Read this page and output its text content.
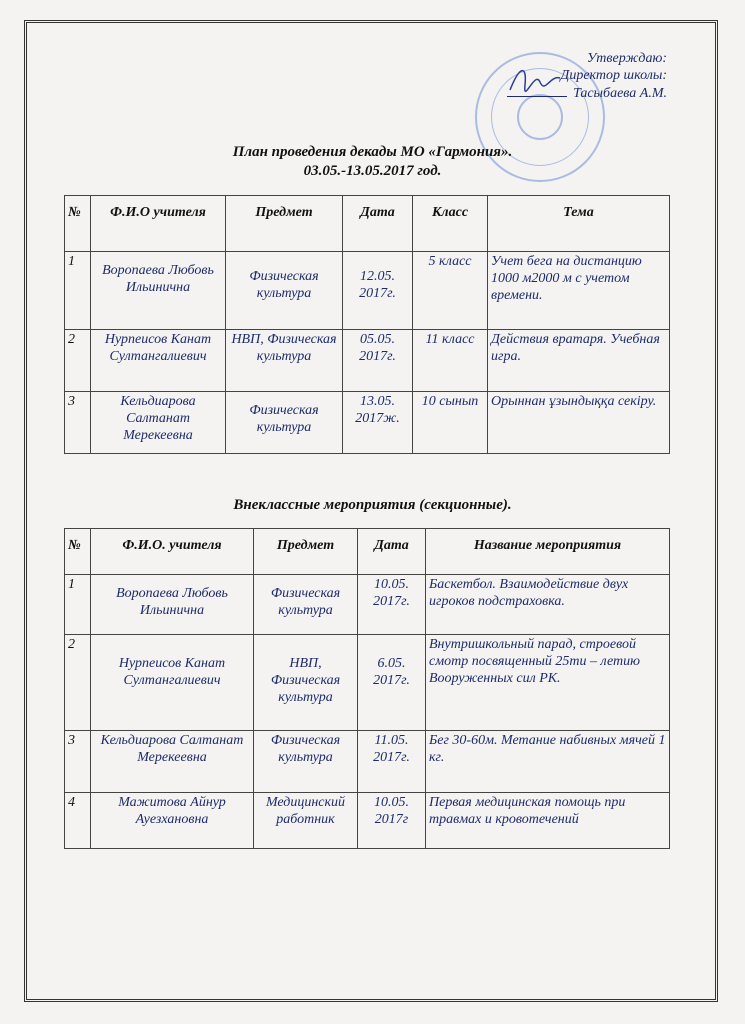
Утверждаю:
Директор школы:
Тасыбаева А.М.
План проведения декады МО «Гармония».
03.05.-13.05.2017 год.
№	Ф.И.О учителя	Предмет	Дата	Класс	Тема
1	Воропаева Любовь Ильинична	Физическая культура	12.05. 2017г.	5 класс	Учет бега на дистанцию 1000 м2000 м с учетом времени.
2	Нурпеисов Канат Султангалиевич	НВП, Физическая культура	05.05. 2017г.	11 класс	Действия вратаря. Учебная игра.
3	Кельдиарова Салтанат Мерекеевна	Физическая культура	13.05. 2017ж.	10 сынып	Орыннан ұзындыққа секіру.
Внеклассные мероприятия (секционные).
№	Ф.И.О. учителя	Предмет	Дата	Название мероприятия
1	Воропаева Любовь Ильинична	Физическая культура	10.05. 2017г.	Баскетбол. Взаимодействие двух игроков подстраховка.
2	Нурпеисов Канат Султангалиевич	НВП, Физическая культура	6.05. 2017г.	Внутришкольный парад, строевой смотр посвященный 25ти – летию Вооруженных сил РК.
3	Кельдиарова Салтанат Мерекеевна	Физическая культура	11.05. 2017г.	Бег 30-60м. Метание набивных мячей 1 кг.
4	Мажитова Айнур Ауезхановна	Медицинский работник	10.05. 2017г	Первая медицинская помощь при травмах и кровотечений
